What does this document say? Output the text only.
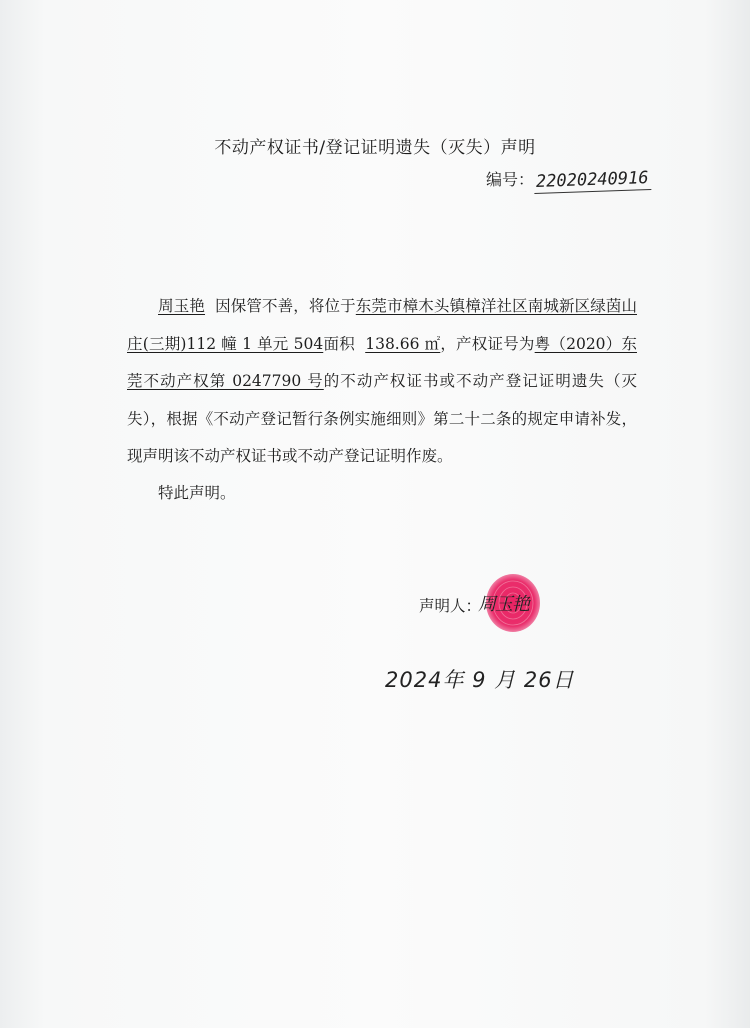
不动产权证书/登记证明遗失（灭失）声明
编号：22020240916

周玉艳 因保管不善，将位于东莞市樟木头镇樟洋社区南城新区绿茵山庄(三期)112 幢 1 单元 504面积 138.66 ㎡，产权证号为粤（2020）东莞不动产权第 0247790 号的不动产权证书或不动产登记证明遗失（灭失），根据《不动产登记暂行条例实施细则》第二十二条的规定申请补发，现声明该不动产权证书或不动产登记证明作废。

特此声明。
声明人：
周玉艳
2024年 9 月 26日
